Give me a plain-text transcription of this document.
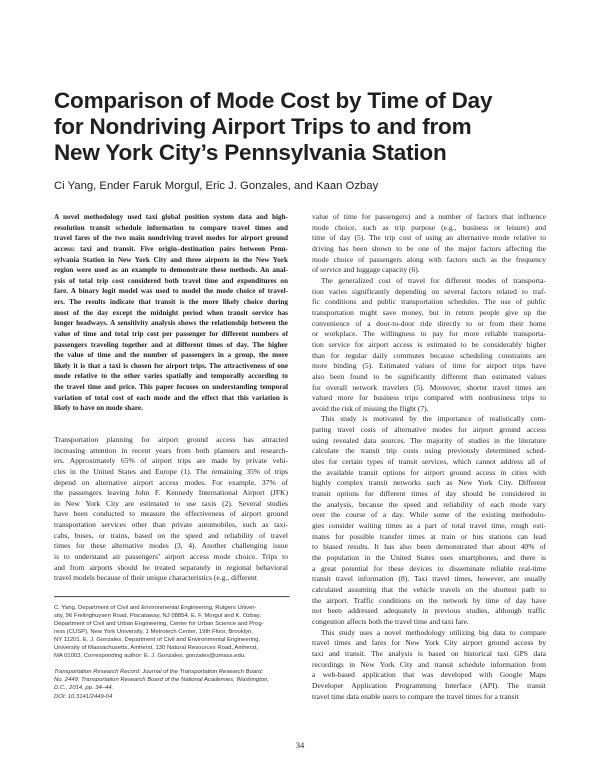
Comparison of Mode Cost by Time of Day
for Nondriving Airport Trips to and from
New York City’s Pennsylvania Station

Ci Yang, Ender Faruk Morgul, Eric J. Gonzales, and Kaan Ozbay

A novel methodology used taxi global position system data and high-
resolution transit schedule information to compare travel times and
travel fares of the two main nondriving travel modes for airport ground
access: taxi and transit. Five origin–destination pairs between Penn-
sylvania Station in New York City and three airports in the New York
region were used as an example to demonstrate these methods. An anal-
ysis of total trip cost considered both travel time and expenditures on
fare. A binary logit model was used to model the mode choice of travel-
ers. The results indicate that transit is the more likely choice during
most of the day except the midnight period when transit service has
longer headways. A sensitivity analysis shows the relationship between the
value of time and total trip cost per passenger for different numbers of
passengers traveling together and at different times of day. The higher
the value of time and the number of passengers in a group, the more
likely it is that a taxi is chosen for airport trips. The attractiveness of one
mode relative to the other varies spatially and temporally according to
the travel time and price. This paper focuses on understanding temporal
variation of total cost of each mode and the effect that this variation is
likely to have on mode share.

Transportation planning for airport ground access has attracted
increasing attention in recent years from both planners and research-
ers. Approximately 65% of airport trips are made by private vehi-
cles in the United States and Europe (1). The remaining 35% of trips
depend on alternative airport access modes. For example, 37% of
the passengers leaving John F. Kennedy International Airport (JFK)
in New York City are estimated to use taxis (2). Several studies
have been conducted to measure the effectiveness of airport ground
transportation services other than private automobiles, such as taxi-
cabs, buses, or trains, based on the speed and reliability of travel
times for these alternative modes (3, 4). Another challenging issue
is to understand air passengers’ airport access mode choice. Trips to
and from airports should be treated separately in regional behavioral
travel models because of their unique characteristics (e.g., different

C. Yang, Department of Civil and Environmental Engineering, Rutgers Univer-
sity, 96 Frelinghuysen Road, Piscataway, NJ 08854. E. F. Morgul and K. Ozbay,
Department of Civil and Urban Engineering, Center for Urban Science and Prog-
ress (CUSP), New York University, 1 Metrotech Center, 19th Floor, Brooklyn,
NY 11201. E. J. Gonzales, Department of Civil and Environmental Engineering,
University of Massachusetts, Amherst, 130 Natural Resources Road, Amherst,
MA 01003. Corresponding author: E. J. Gonzales, gonzales@umass.edu.

Transportation Research Record: Journal of the Transportation Research Board,
No. 2449, Transportation Research Board of the National Academies, Washington,
D.C., 2014, pp. 34–44.
DOI: 10.3141/2449-04

value of time for passengers) and a number of factors that influence
mode choice, such as trip purpose (e.g., business or leisure) and
time of day (5). The trip cost of using an alternative mode relative to
driving has been shown to be one of the major factors affecting the
mode choice of passengers along with factors such as the frequency
of service and luggage capacity (6).

The generalized cost of travel for different modes of transporta-
tion varies significantly depending on several factors related to traf-
fic conditions and public transportation schedules. The use of public
transportation might save money, but in return people give up the
convenience of a door-to-door ride directly to or from their home
or workplace. The willingness to pay for more reliable transporta-
tion service for airport access is estimated to be considerably higher
than for regular daily commutes because scheduling constraints are
more binding (5). Estimated values of time for airport trips have
also been found to be significantly different than estimated values
for overall network travelers (5). Moreover, shorter travel times are
valued more for business trips compared with nonbusiness trips to
avoid the risk of missing the flight (7).

This study is motivated by the importance of realistically com-
paring travel costs of alternative modes for airport ground access
using revealed data sources. The majority of studies in the literature
calculate the transit trip costs using previously determined sched-
ules for certain types of transit services, which cannot address all of
the available transit options for airport ground access in cities with
highly complex transit networks such as New York City. Different
transit options for different times of day should be considered in
the analysis, because the speed and reliability of each mode vary
over the course of a day. While some of the existing methodolo-
gies consider waiting times as a part of total travel time, rough esti-
mates for possible transfer times at train or bus stations can lead
to biased results. It has also been demonstrated that about 40% of
the population in the United States uses smartphones, and there is
a great potential for these devices to disseminate reliable real-time
transit travel information (8). Taxi travel times, however, are usually
calculated assuming that the vehicle travels on the shortest path to
the airport. Traffic conditions on the network by time of day have
not been addressed adequately in previous studies, although traffic
congestion affects both the travel time and taxi fare.

This study uses a novel methodology utilizing big data to compare
travel times and fares for New York City airport ground access by
taxi and transit. The analysis is based on historical taxi GPS data
recordings in New York City and transit schedule information from
a web-based application that was developed with Google Maps
Developer Application Programming Interface (API). The transit
travel time data enable users to compare the travel times for a transit

34
